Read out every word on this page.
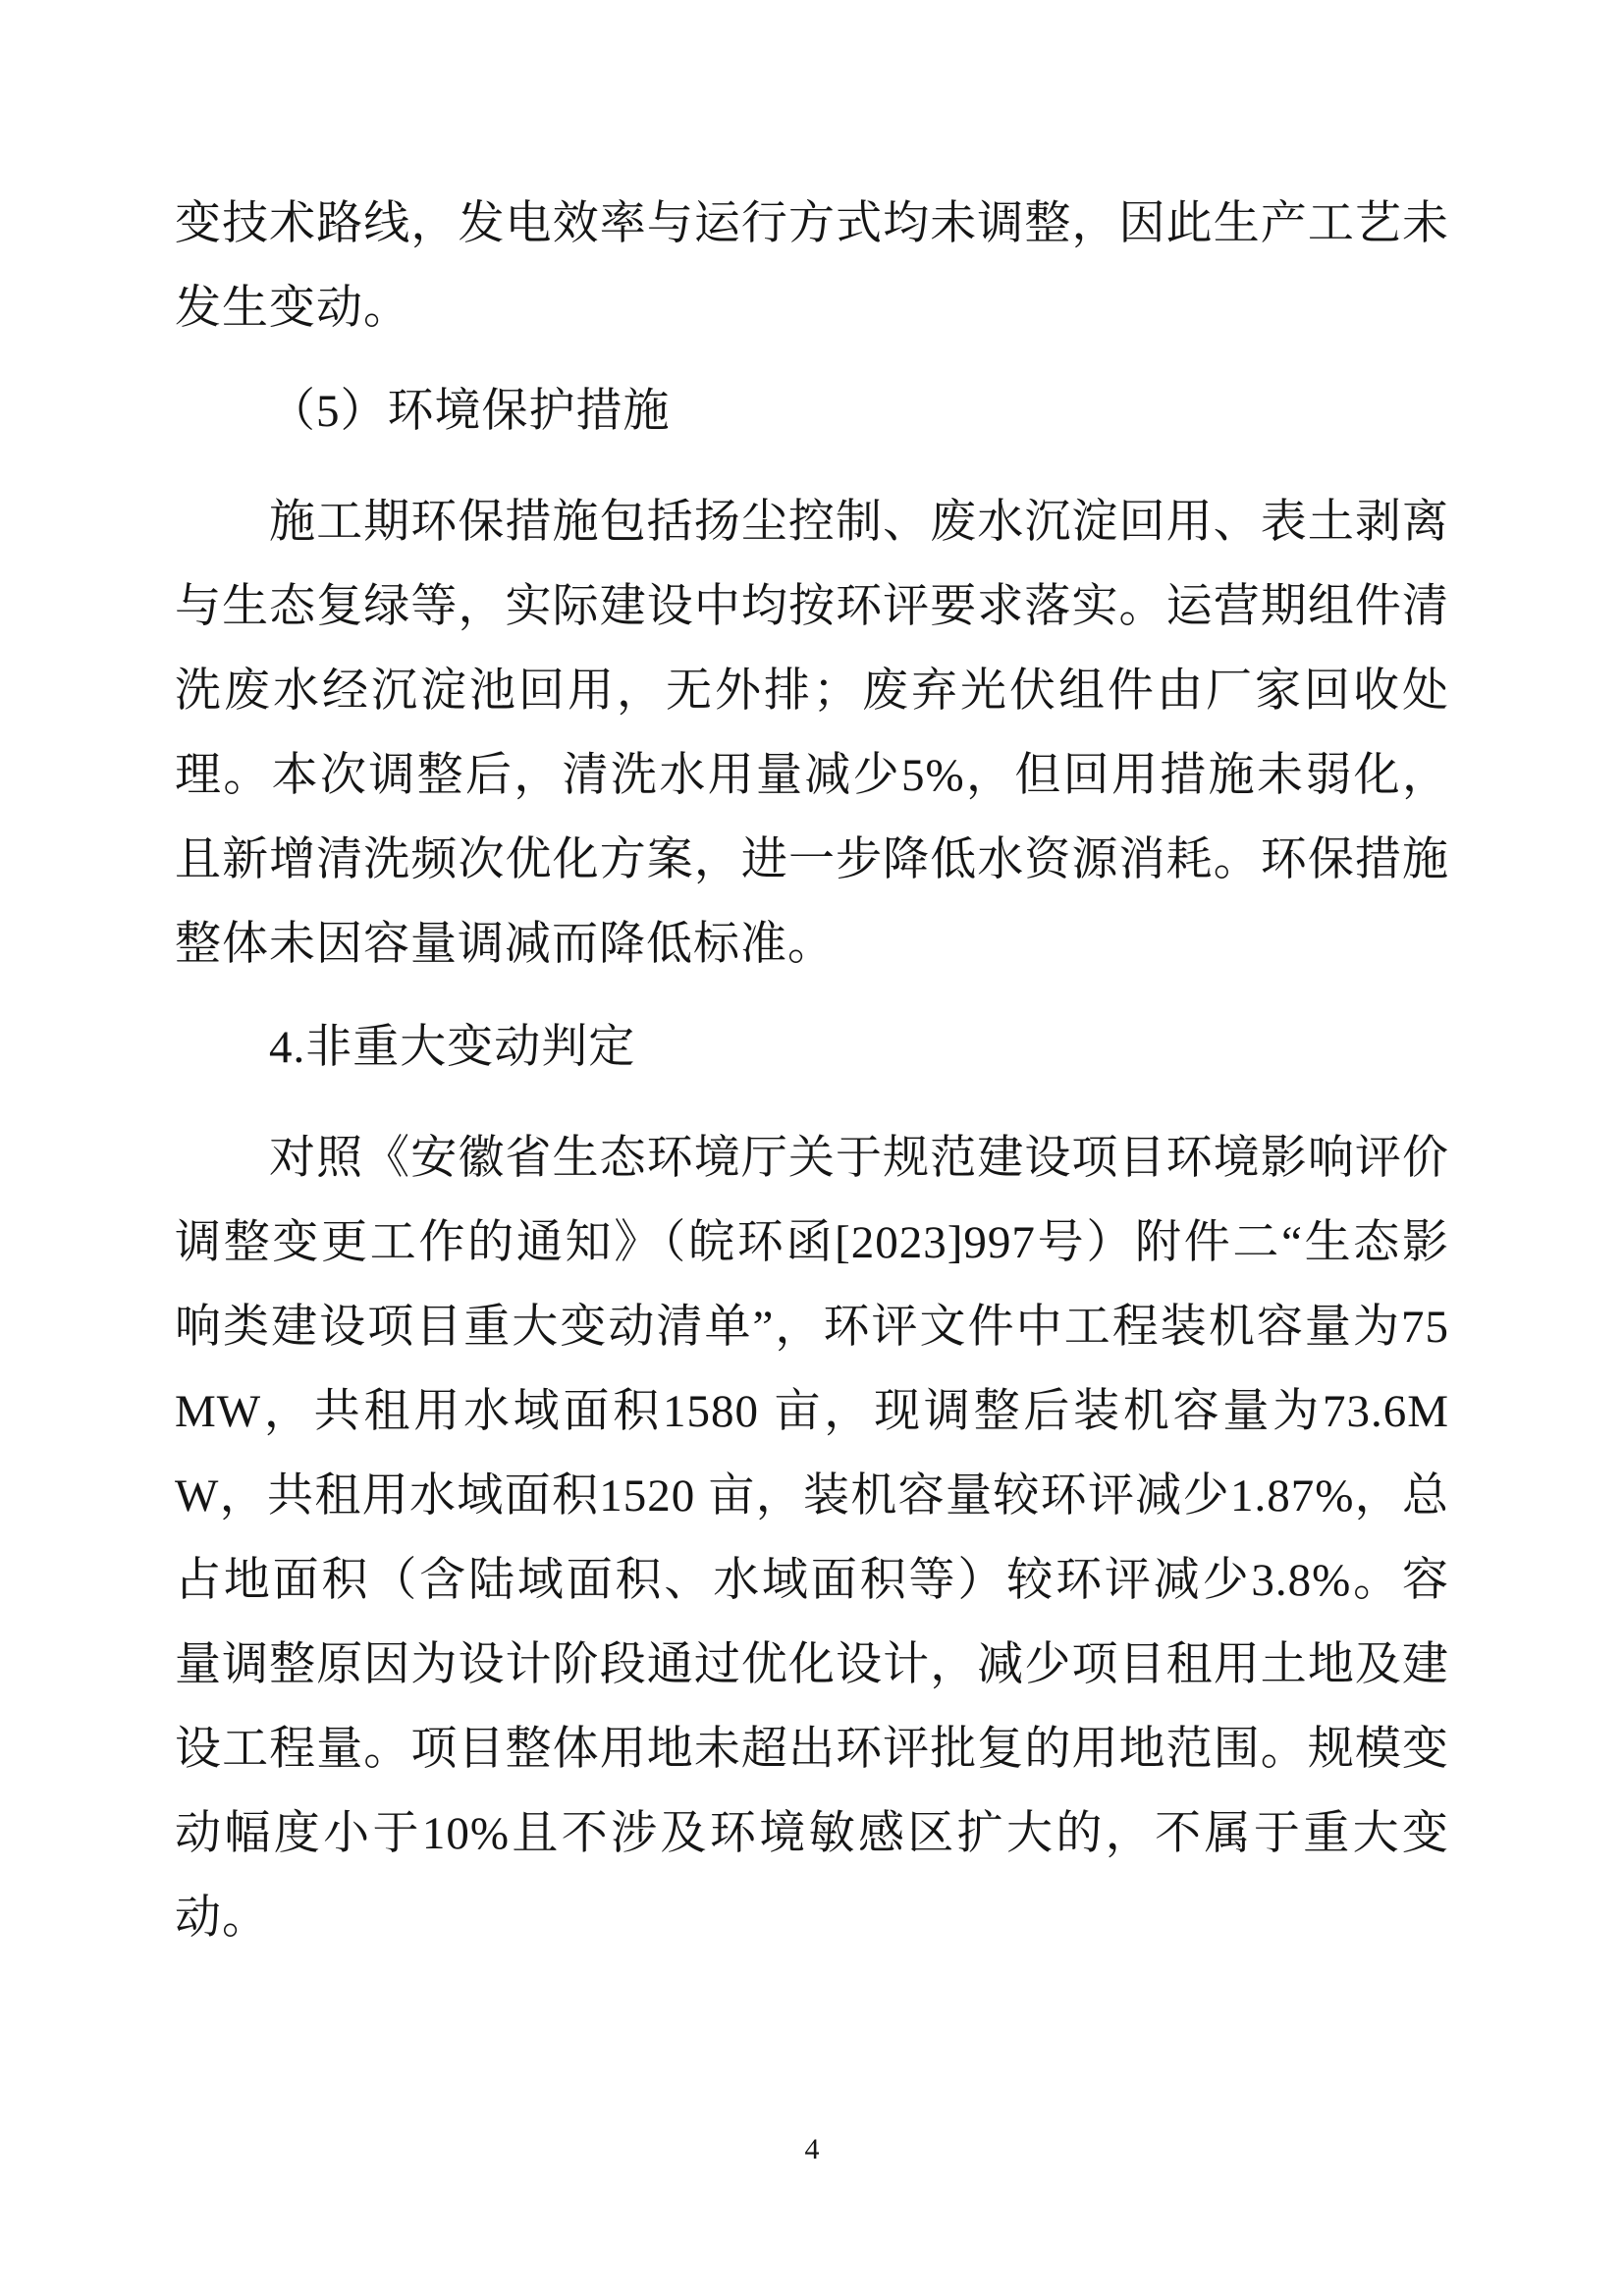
变技术路线，发电效率与运行方式均未调整，因此生产工艺未发生变动。

（5）环境保护措施

施工期环保措施包括扬尘控制、废水沉淀回用、表土剥离与生态复绿等，实际建设中均按环评要求落实。运营期组件清洗废水经沉淀池回用，无外排；废弃光伏组件由厂家回收处理。本次调整后，清洗水用量减少5%，但回用措施未弱化，且新增清洗频次优化方案，进一步降低水资源消耗。环保措施整体未因容量调减而降低标准。

4.非重大变动判定

对照《安徽省生态环境厅关于规范建设项目环境影响评价调整变更工作的通知》（皖环函[2023]997号）附件二“生态影响类建设项目重大变动清单”，环评文件中工程装机容量为75MW，共租用水域面积1580 亩，现调整后装机容量为73.6MW，共租用水域面积1520 亩，装机容量较环评减少1.87%，总占地面积（含陆域面积、水域面积等）较环评减少3.8%。容量调整原因为设计阶段通过优化设计，减少项目租用土地及建设工程量。项目整体用地未超出环评批复的用地范围。规模变动幅度小于10%且不涉及环境敏感区扩大的，不属于重大变动。

4
